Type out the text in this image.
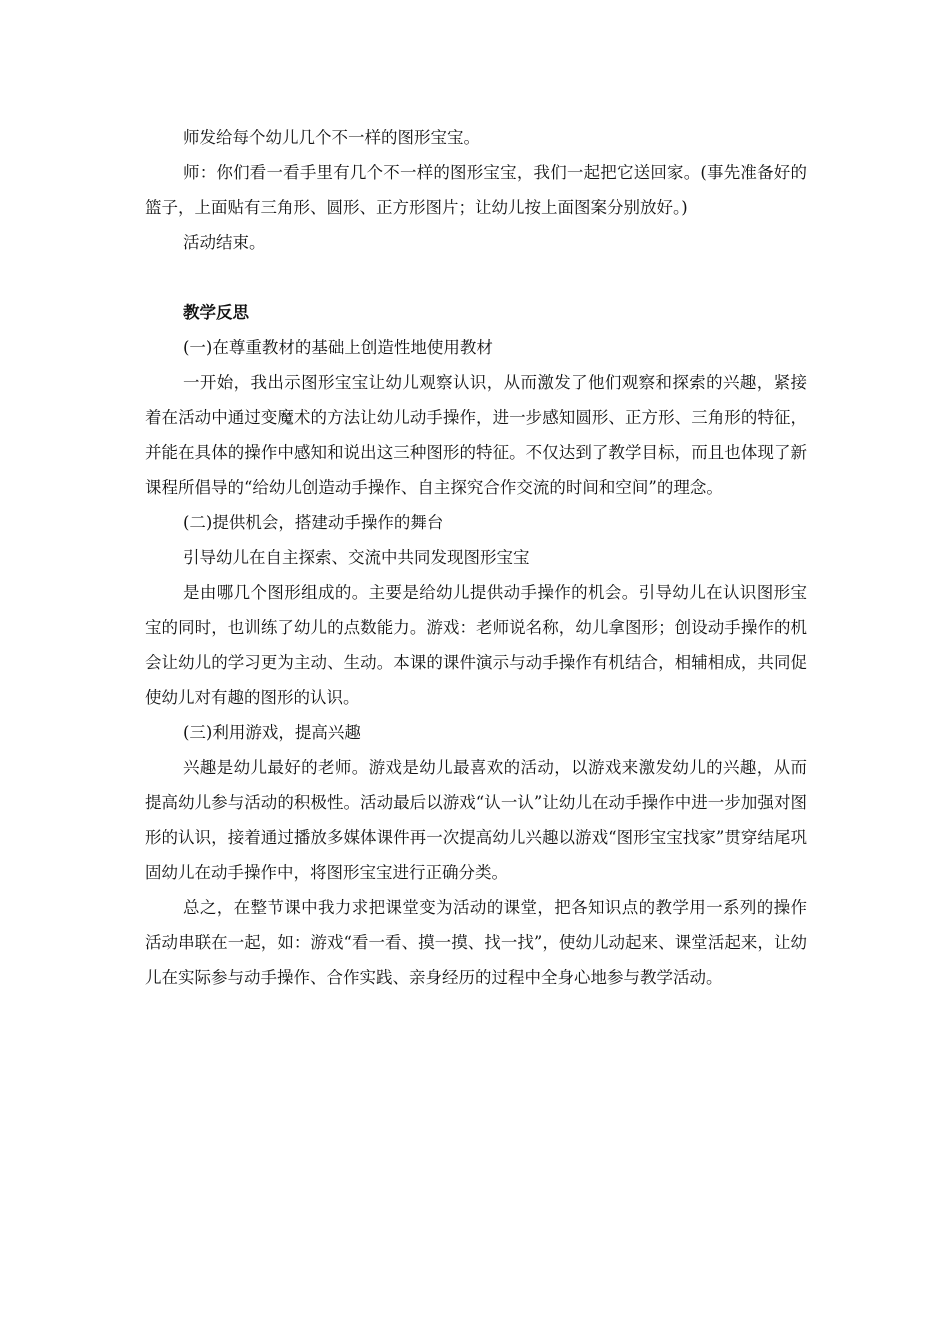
师发给每个幼儿几个不一样的图形宝宝。

师：你们看一看手里有几个不一样的图形宝宝，我们一起把它送回家。(事先准备好的篮子，上面贴有三角形、圆形、正方形图片；让幼儿按上面图案分别放好。)

活动结束。

教学反思

(一)在尊重教材的基础上创造性地使用教材

一开始，我出示图形宝宝让幼儿观察认识，从而激发了他们观察和探索的兴趣，紧接着在活动中通过变魔术的方法让幼儿动手操作，进一步感知圆形、正方形、三角形的特征，并能在具体的操作中感知和说出这三种图形的特征。不仅达到了教学目标，而且也体现了新课程所倡导的“给幼儿创造动手操作、自主探究合作交流的时间和空间”的理念。

(二)提供机会，搭建动手操作的舞台

引导幼儿在自主探索、交流中共同发现图形宝宝

是由哪几个图形组成的。主要是给幼儿提供动手操作的机会。引导幼儿在认识图形宝宝的同时，也训练了幼儿的点数能力。游戏：老师说名称，幼儿拿图形；创设动手操作的机会让幼儿的学习更为主动、生动。本课的课件演示与动手操作有机结合，相辅相成，共同促使幼儿对有趣的图形的认识。

(三)利用游戏，提高兴趣

兴趣是幼儿最好的老师。游戏是幼儿最喜欢的活动，以游戏来激发幼儿的兴趣，从而提高幼儿参与活动的积极性。活动最后以游戏“认一认”让幼儿在动手操作中进一步加强对图形的认识，接着通过播放多媒体课件再一次提高幼儿兴趣以游戏“图形宝宝找家”贯穿结尾巩固幼儿在动手操作中，将图形宝宝进行正确分类。

总之，在整节课中我力求把课堂变为活动的课堂，把各知识点的教学用一系列的操作活动串联在一起，如：游戏“看一看、摸一摸、找一找”，使幼儿动起来、课堂活起来，让幼儿在实际参与动手操作、合作实践、亲身经历的过程中全身心地参与教学活动。
